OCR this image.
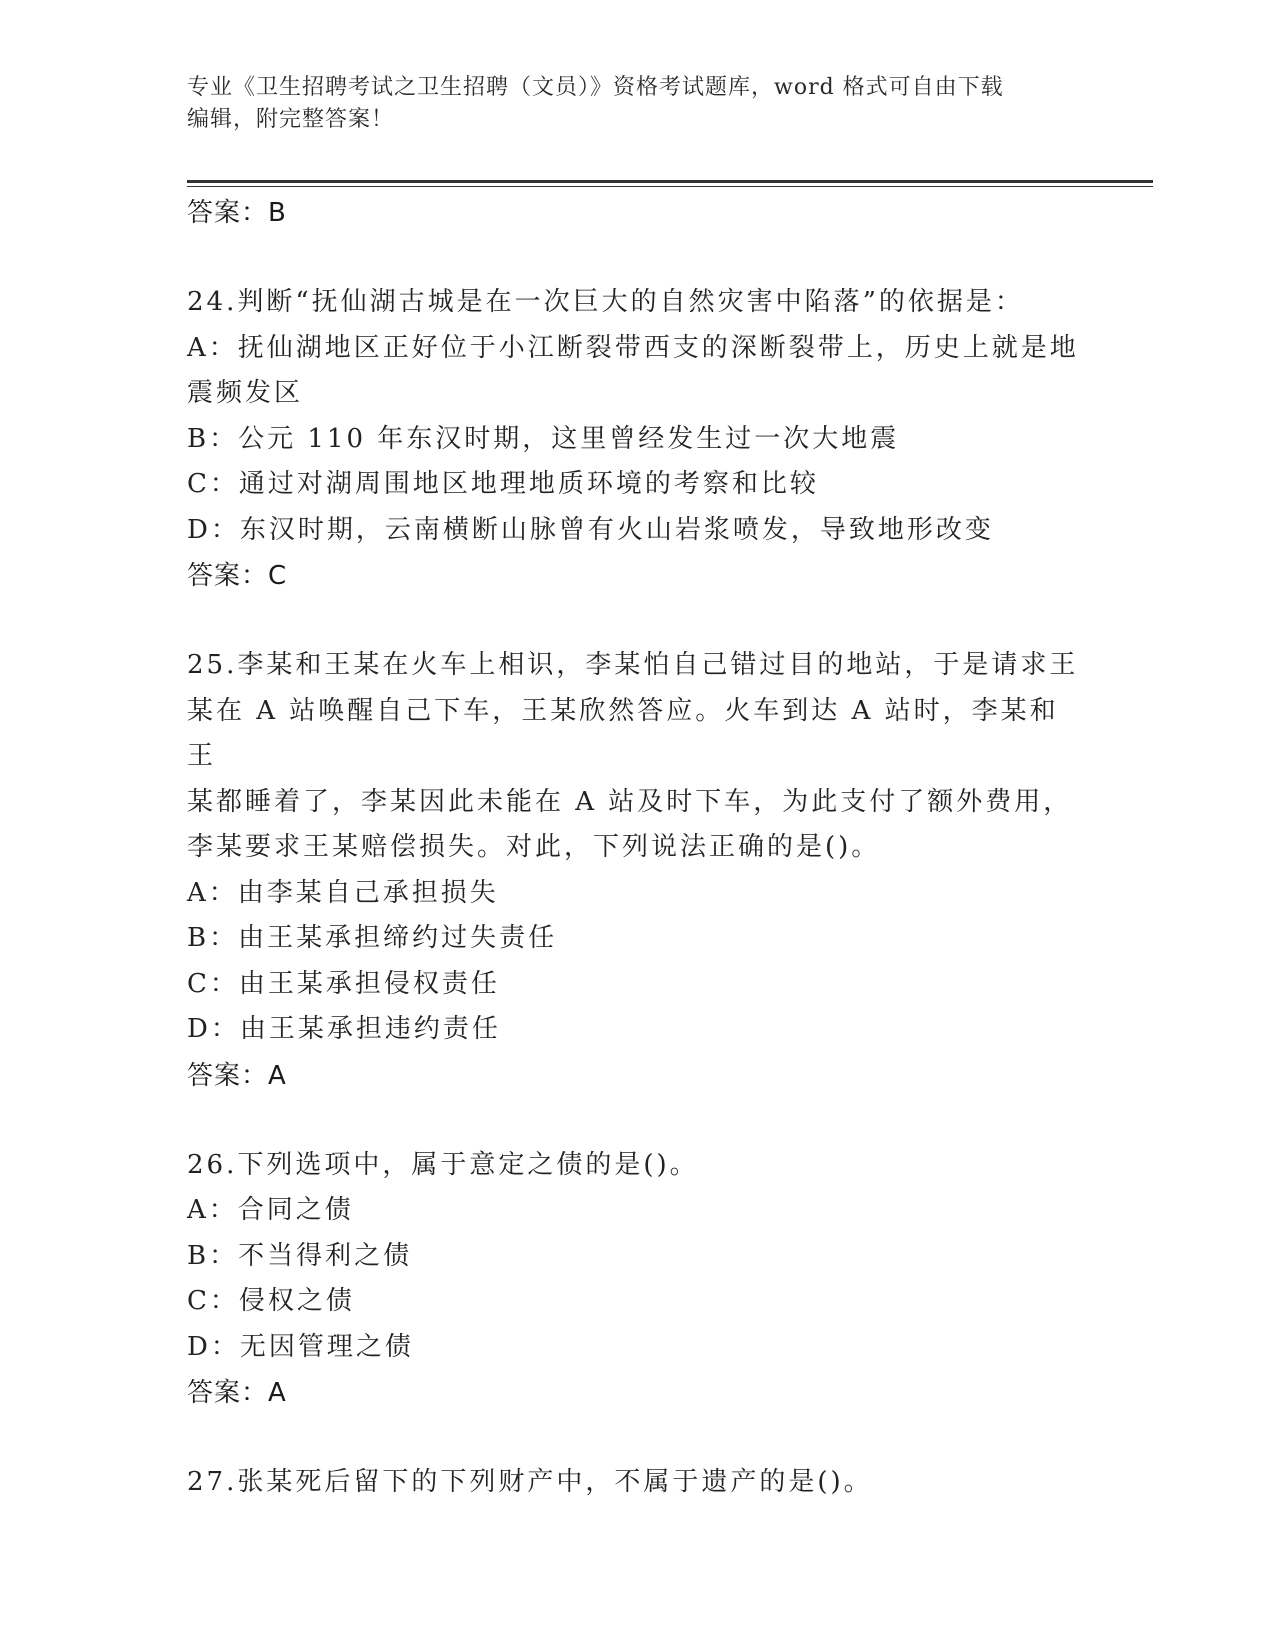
专业《卫生招聘考试之卫生招聘（文员）》资格考试题库，word 格式可自由下载
编辑，附完整答案！

答案：B

24.判断“抚仙湖古城是在一次巨大的自然灾害中陷落”的依据是：

A：抚仙湖地区正好位于小江断裂带西支的深断裂带上，历史上就是地

震频发区

B：公元 110 年东汉时期，这里曾经发生过一次大地震

C：通过对湖周围地区地理地质环境的考察和比较

D：东汉时期，云南横断山脉曾有火山岩浆喷发，导致地形改变

答案：C

25.李某和王某在火车上相识，李某怕自己错过目的地站，于是请求王

某在 A 站唤醒自己下车，王某欣然答应。火车到达 A 站时，李某和王

某都睡着了，李某因此未能在 A 站及时下车，为此支付了额外费用，

李某要求王某赔偿损失。对此，下列说法正确的是()。

A：由李某自己承担损失

B：由王某承担缔约过失责任

C：由王某承担侵权责任

D：由王某承担违约责任

答案：A

26.下列选项中，属于意定之债的是()。

A：合同之债

B：不当得利之债

C：侵权之债

D：无因管理之债

答案：A

27.张某死后留下的下列财产中，不属于遗产的是()。
